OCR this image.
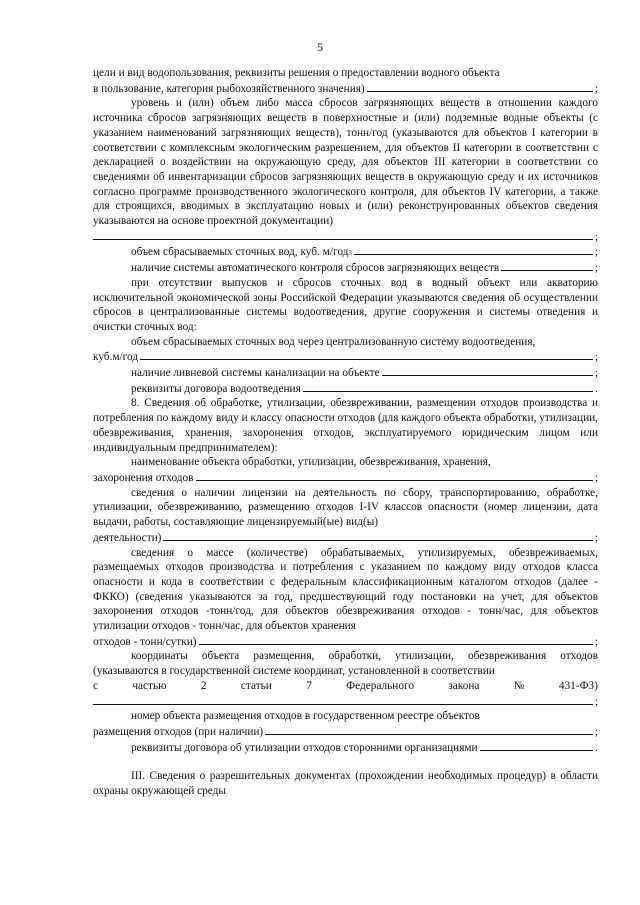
5

цели и вид водопользования, реквизиты решения о предоставлении водного объекта

в пользование, категория рыбохозяйственного значения)	;

уровень и (или) объем либо масса сбросов загрязняющих веществ в отношении каждого источника сбросов загрязняющих веществ в поверхностные и (или) подземные водные объекты (с указанием наименований загрязняющих веществ), тонн/год (указываются для объектов I категории в соответствии с комплексным экологическим разрешением, для объектов II категории в соответствии с декларацией о воздействии на окружающую среду, для объектов III категории в соответствии со сведениями об инвентаризации сбросов загрязняющих веществ в окружающую среду и их источников согласно программе производственного экологического контроля, для объектов IV категории, а также для строящихся, вводимых в эксплуатацию новых и (или) реконструированных объектов сведения указываются на основе проектной документации)

;
объем сбрасываемых сточных вод, куб. м/год 3	;
наличие системы автоматического контроля сбросов загрязняющих веществ	;

при отсутствии выпусков и сбросов сточных вод в водный объект или акваторию исключительной экономической зоны Российской Федерации указываются сведения об осуществлении сбросов в централизованные системы водоотведения, другие сооружения и системы отведения и очистки сточных вод:

объем сбрасываемых сточных вод через централизованную систему водоотведения,

куб.м/год	;
наличие ливневой системы канализации на объекте	;
реквизиты договора водоотведения	.

8. Сведения об обработке, утилизации, обезвреживании, размещении отходов производства и потребления по каждому виду и классу опасности отходов (для каждого объекта обработки, утилизации, обезвреживания, хранения, захоронения отходов, эксплуатируемого юридическим лицом или индивидуальным предпринимателем):

наименование объекта обработки, утилизации, обезвреживания, хранения,

захоронения отходов	;

сведения о наличии лицензии на деятельность по сбору, транспортированию, обработке, утилизации, обезвреживанию, размещению отходов I-IV классов опасности (номер лицензии, дата выдачи, работы, составляющие лицензируемый(ые) вид(ы)

деятельности)	;

сведения о массе (количестве) обрабатываемых, утилизируемых, обезвреживаемых, размещаемых отходов производства и потребления с указанием по каждому виду отходов класса опасности и кода в соответствии с федеральным классификационным каталогом отходов (далее - ФККО) (сведения указываются за год, предшествующий году постановки на учет, для объектов захоронения отходов -тонн/год, для объектов обезвреживания отходов - тонн/час, для объектов утилизации отходов - тонн/час, для объектов хранения

отходов - тонн/сутки)	;

координаты объекта размещения, обработки, утилизации, обезвреживания отходов (указываются в государственной системе координат, установленной в соответствии

с	частью	2	статьи	7	Федерального	закона	№	431-ФЗ)
;

номер объекта размещения отходов в государственном реестре объектов

размещения отходов (при наличии)	;
реквизиты договора об утилизации отходов сторонними организациями	.

III. Сведения о разрешительных документах (прохождении необходимых процедур) в области охраны окружающей среды
